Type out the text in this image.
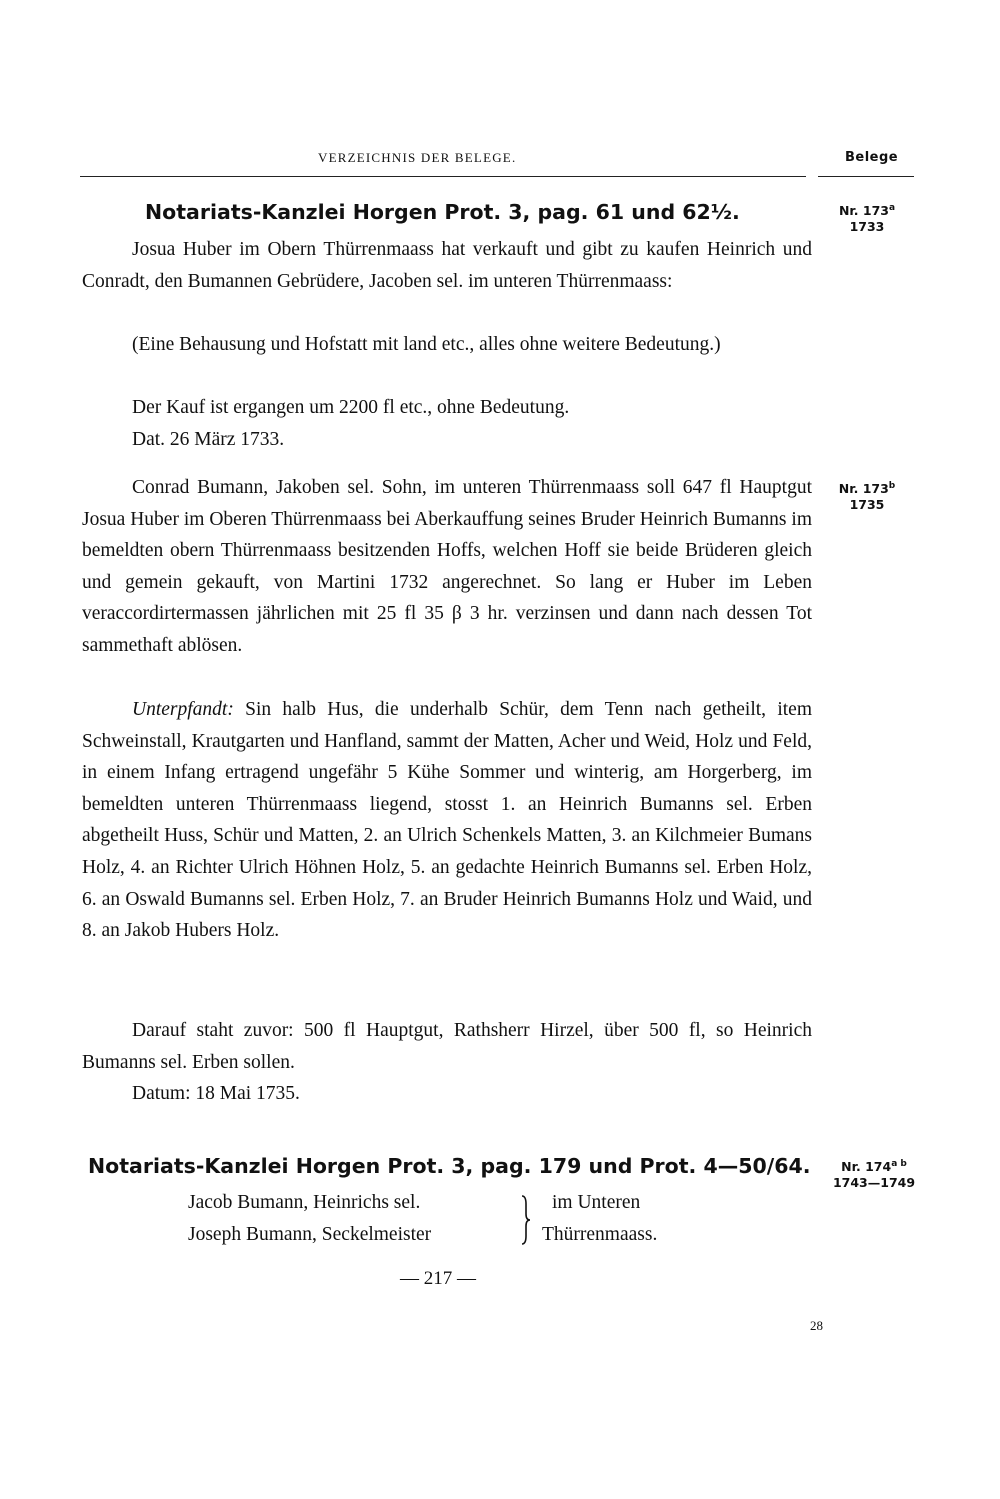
VERZEICHNIS DER BELEGE.	Belege
Notariats-Kanzlei Horgen Prot. 3, pag. 61 und 62½.	Nr. 173$^a$
1733

Josua Huber im Obern Thürrenmaass hat verkauft und gibt zu kaufen Heinrich und Conradt, den Bumannen Gebrüdere, Jacoben sel. im unteren Thürrenmaass:

(Eine Behausung und Hofstatt mit land etc., alles ohne weitere Bedeutung.)

Der Kauf ist ergangen um 2200 fl etc., ohne Bedeutung.

Dat. 26 März 1733.

Nr. 173$^b$
1735

Conrad Bumann, Jakoben sel. Sohn, im unteren Thürrenmaass soll 647 fl Hauptgut Josua Huber im Oberen Thürrenmaass bei Aberkauffung seines Bruder Heinrich Bumanns im bemeldten obern Thürrenmaass besitzenden Hoffs, welchen Hoff sie beide Brüderen gleich und gemein gekauft, von Martini 1732 angerechnet. So lang er Huber im Leben veraccordirtermassen jährlichen mit 25 fl 35 β 3 hr. verzinsen und dann nach dessen Tot sammethaft ablösen.

Unterpfandt: Sin halb Hus, die underhalb Schür, dem Tenn nach getheilt, item Schweinstall, Krautgarten und Hanfland, sammt der Matten, Acher und Weid, Holz und Feld, in einem Infang ertragend ungefähr 5 Kühe Sommer und winterig, am Horgerberg, im bemeldten unteren Thürrenmaass liegend, stosst 1. an Heinrich Bumanns sel. Erben abgetheilt Huss, Schür und Matten, 2. an Ulrich Schenkels Matten, 3. an Kilchmeier Bumans Holz, 4. an Richter Ulrich Höhnen Holz, 5. an gedachte Heinrich Bumanns sel. Erben Holz, 6. an Oswald Bumanns sel. Erben Holz, 7. an Bruder Heinrich Bumanns Holz und Waid, und 8. an Jakob Hubers Holz.

Darauf staht zuvor: 500 fl Hauptgut, Rathsherr Hirzel, über 500 fl, so Heinrich Bumanns sel. Erben sollen.

Datum: 18 Mai 1735.

Notariats-Kanzlei Horgen Prot. 3, pag. 179 und Prot. 4—50/64.	Nr. $174^{a b}$
1743—1749
Jacob Bumann, Heinrichs sel.
Joseph Bumann, Seckelmeister
im Unteren
Thürrenmaass.
— 217 —
28
